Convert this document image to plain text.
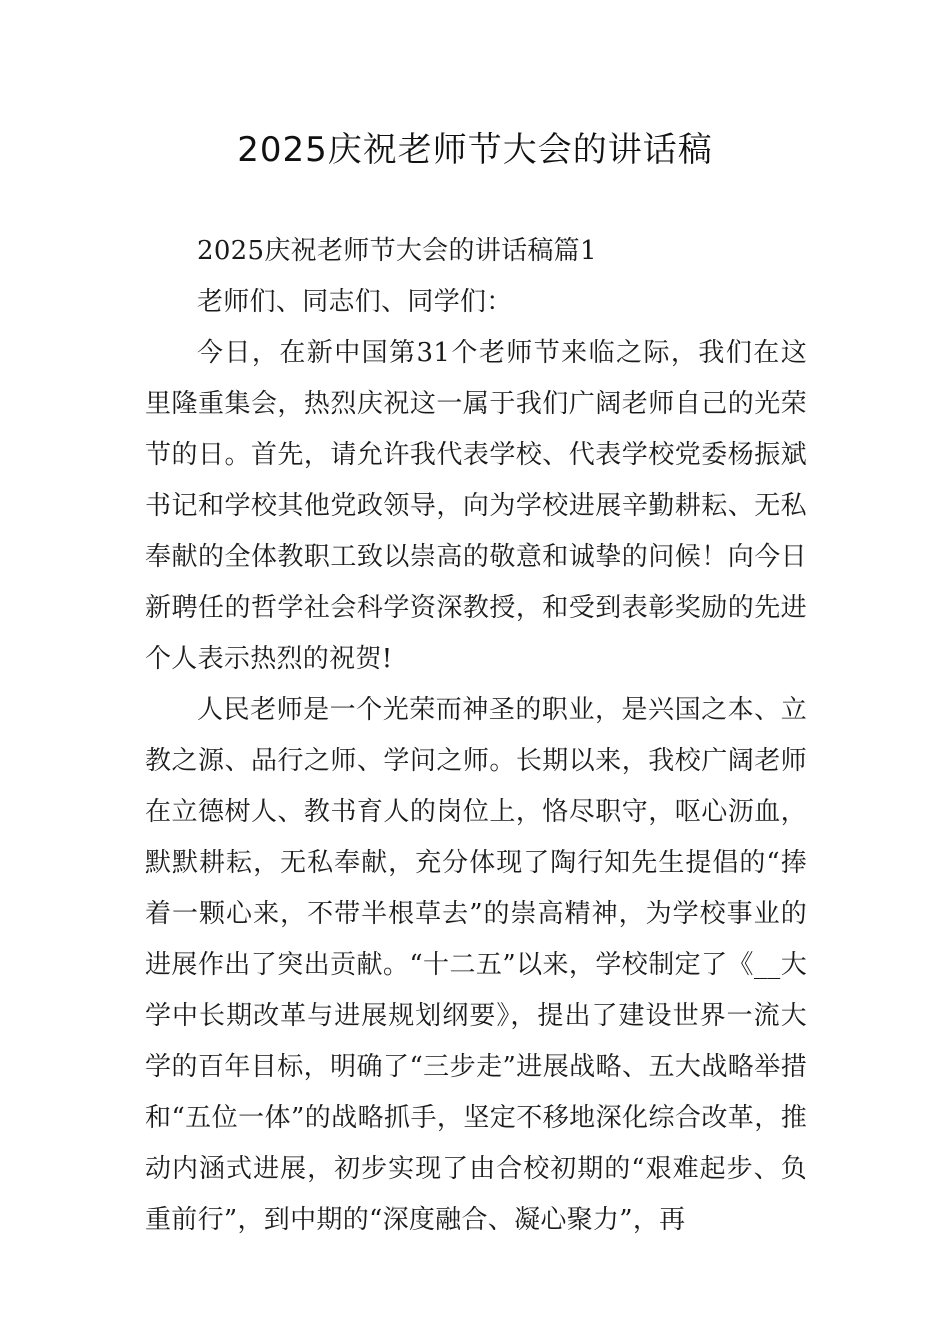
2025庆祝老师节大会的讲话稿

2025庆祝老师节大会的讲话稿篇1

老师们、同志们、同学们：

今日，在新中国第31个老师节来临之际，我们在这里隆重集会，热烈庆祝这一属于我们广阔老师自己的光荣节的日。首先，请允许我代表学校、代表学校党委杨振斌书记和学校其他党政领导，向为学校进展辛勤耕耘、无私奉献的全体教职工致以崇高的敬意和诚挚的问候！向今日新聘任的哲学社会科学资深教授，和受到表彰奖励的先进个人表示热烈的祝贺!

人民老师是一个光荣而神圣的职业，是兴国之本、立教之源、品行之师、学问之师。长期以来，我校广阔老师在立德树人、教书育人的岗位上，恪尽职守，呕心沥血，默默耕耘，无私奉献，充分体现了陶行知先生提倡的“捧着一颗心来，不带半根草去”的崇高精神，为学校事业的进展作出了突出贡献。“十二五”以来，学校制定了《__大学中长期改革与进展规划纲要》，提出了建设世界一流大学的百年目标，明确了“三步走”进展战略、五大战略举措和“五位一体”的战略抓手，坚定不移地深化综合改革，推动内涵式进展，初步实现了由合校初期的“艰难起步、负重前行”，到中期的“深度融合、凝心聚力”，再
